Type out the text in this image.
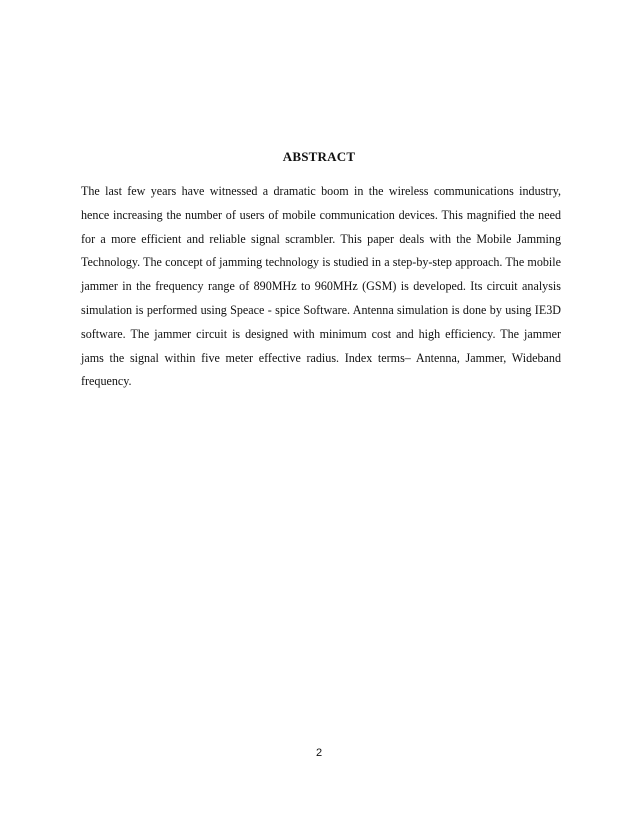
ABSTRACT

The last few years have witnessed a dramatic boom in the wireless communications industry, hence increasing the number of users of mobile communication devices. This magnified the need for a more efficient and reliable signal scrambler. This paper deals with the Mobile Jamming Technology. The concept of jamming technology is studied in a step-by-step approach. The mobile jammer in the frequency range of 890MHz to 960MHz (GSM) is developed. Its circuit analysis simulation is performed using Speace - spice Software. Antenna simulation is done by using IE3D software. The jammer circuit is designed with minimum cost and high efficiency. The jammer jams the signal within five meter effective radius. Index terms– Antenna, Jammer, Wideband frequency.

2
